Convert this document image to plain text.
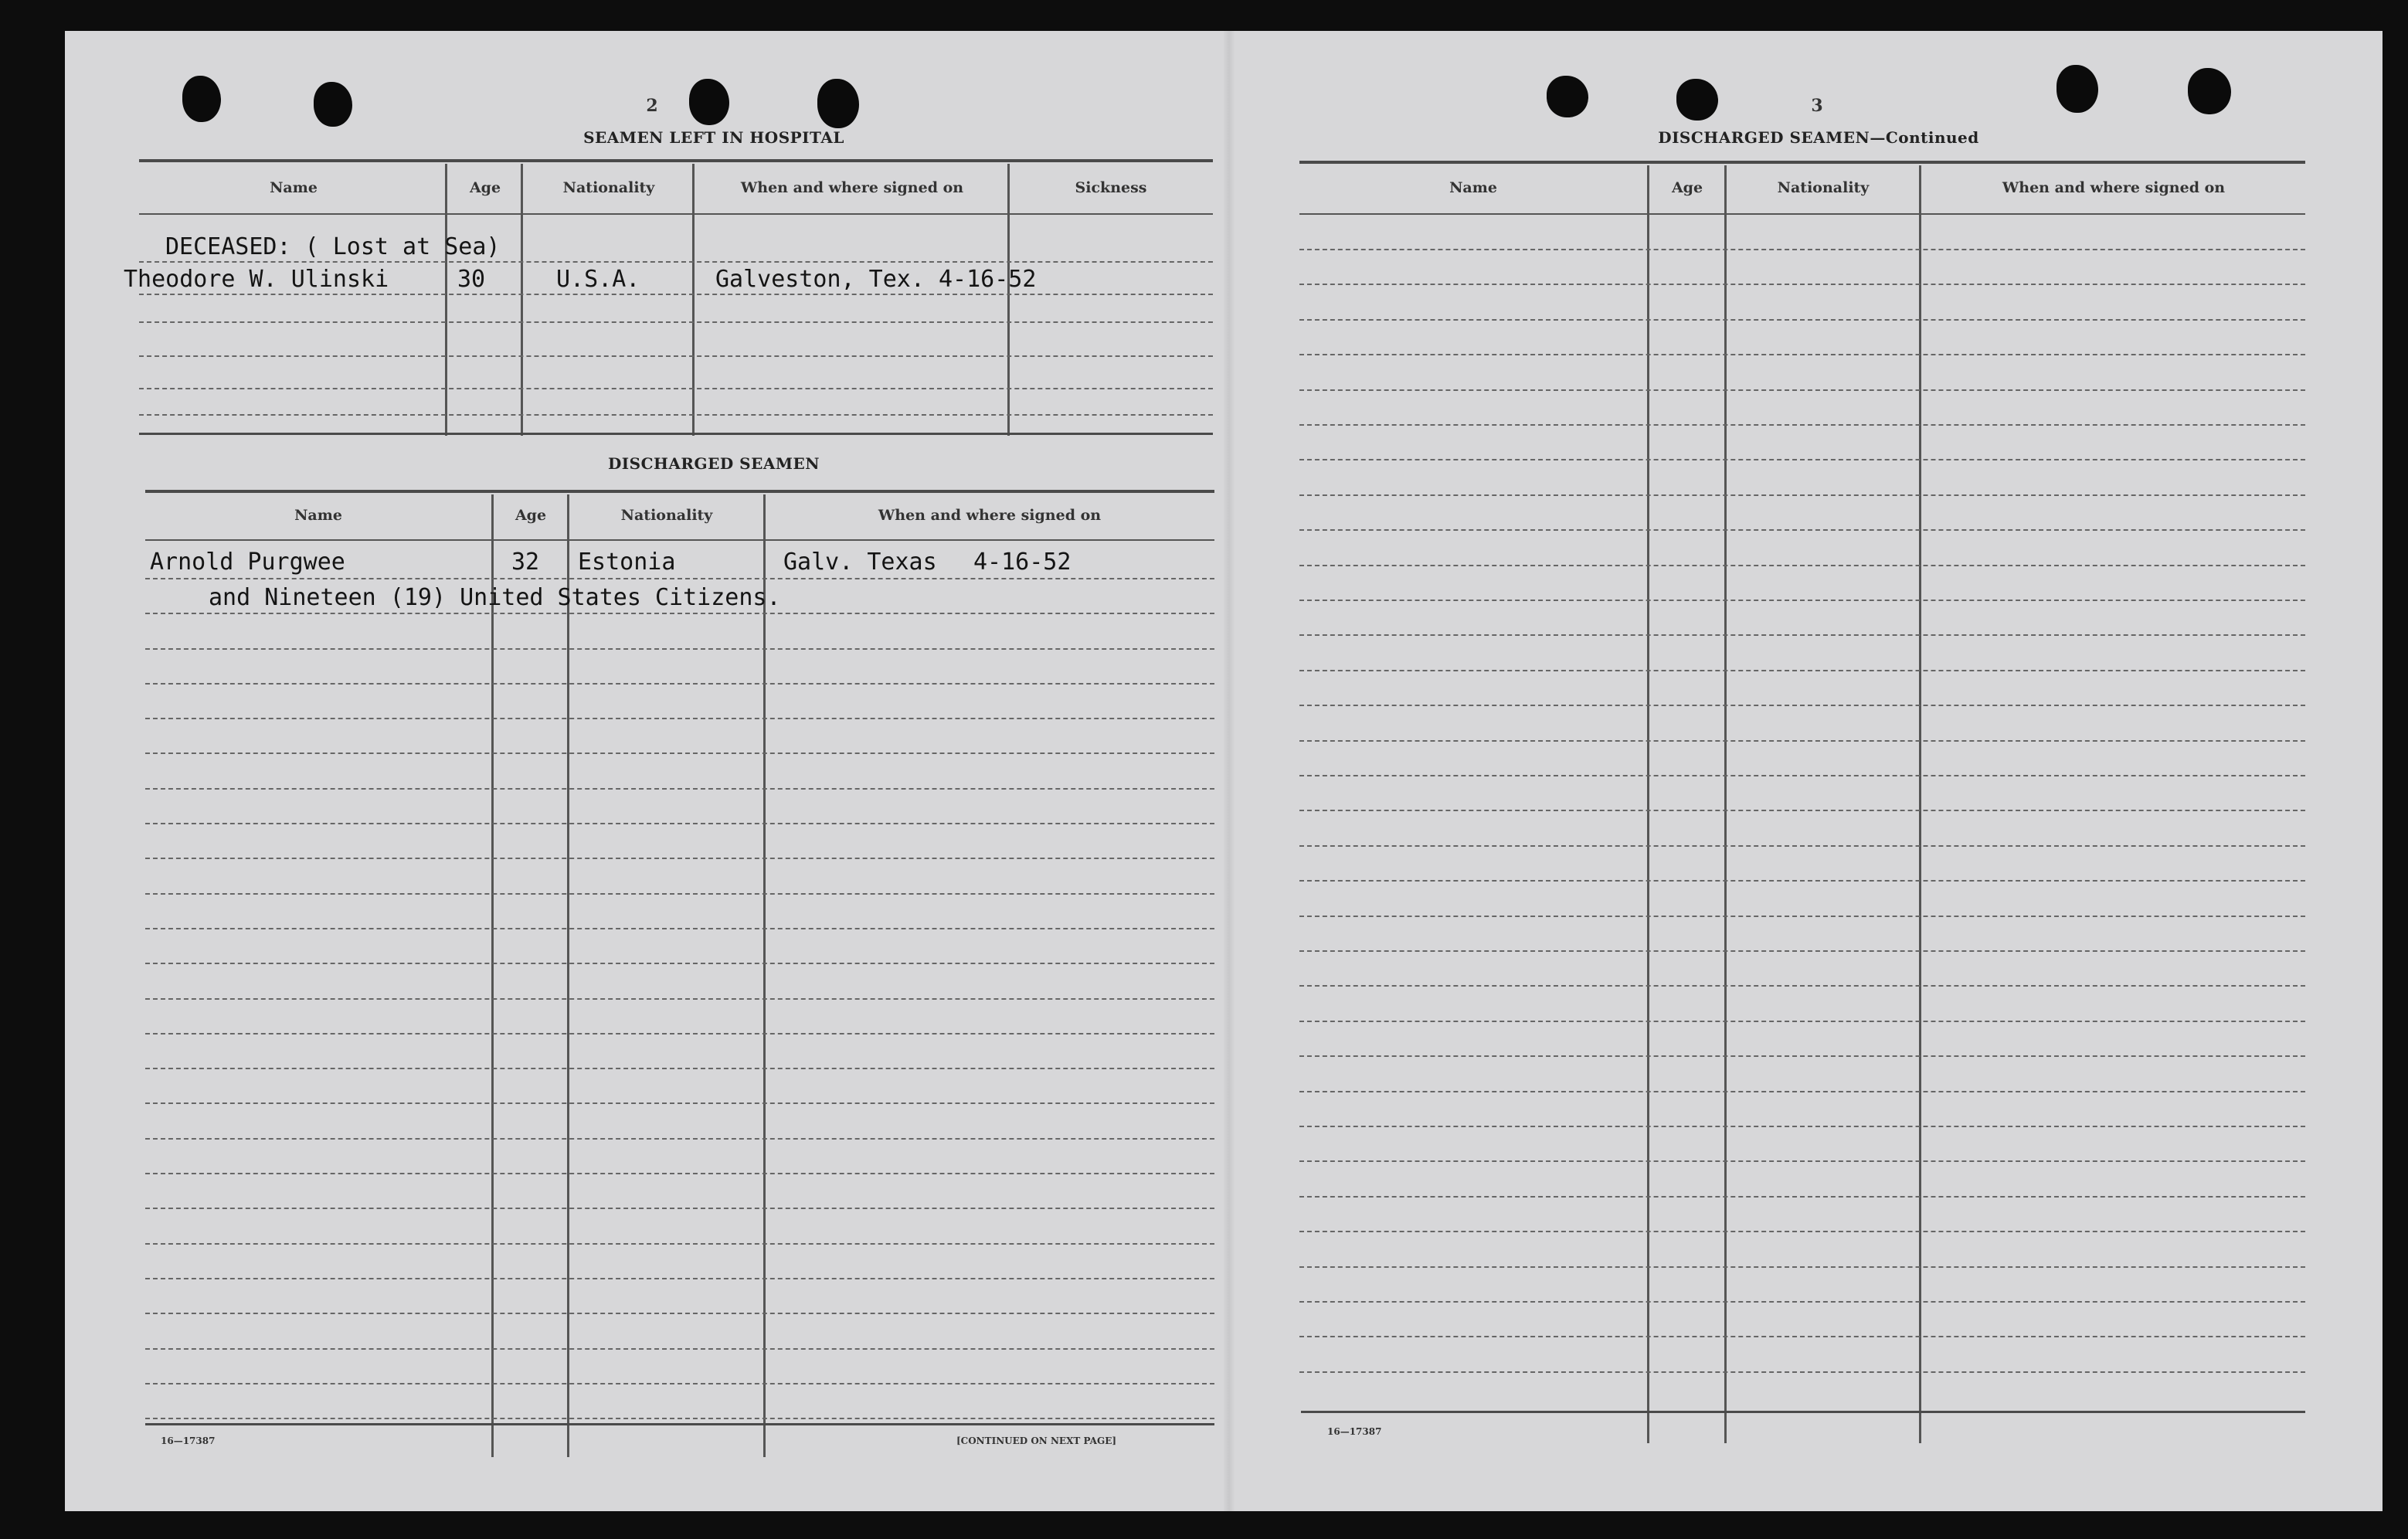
2
SEAMEN LEFT IN HOSPITAL
Name	Age	Nationality	When and where signed on	Sickness
DECEASED: ( Lost at Sea)
Theodore W. Ulinski	30	U.S.A.	Galveston, Tex. 4-16-52
DISCHARGED SEAMEN
Name	Age	Nationality	When and where signed on
Arnold Purgwee	32 Estonia	Galv. Texas 4-16-52
and Nineteen (19) United States Citizens.
16—17387	[CONTINUED ON NEXT PAGE]
3
DISCHARGED SEAMEN—Continued
Name	Age	Nationality	When and where signed on
16—17387
